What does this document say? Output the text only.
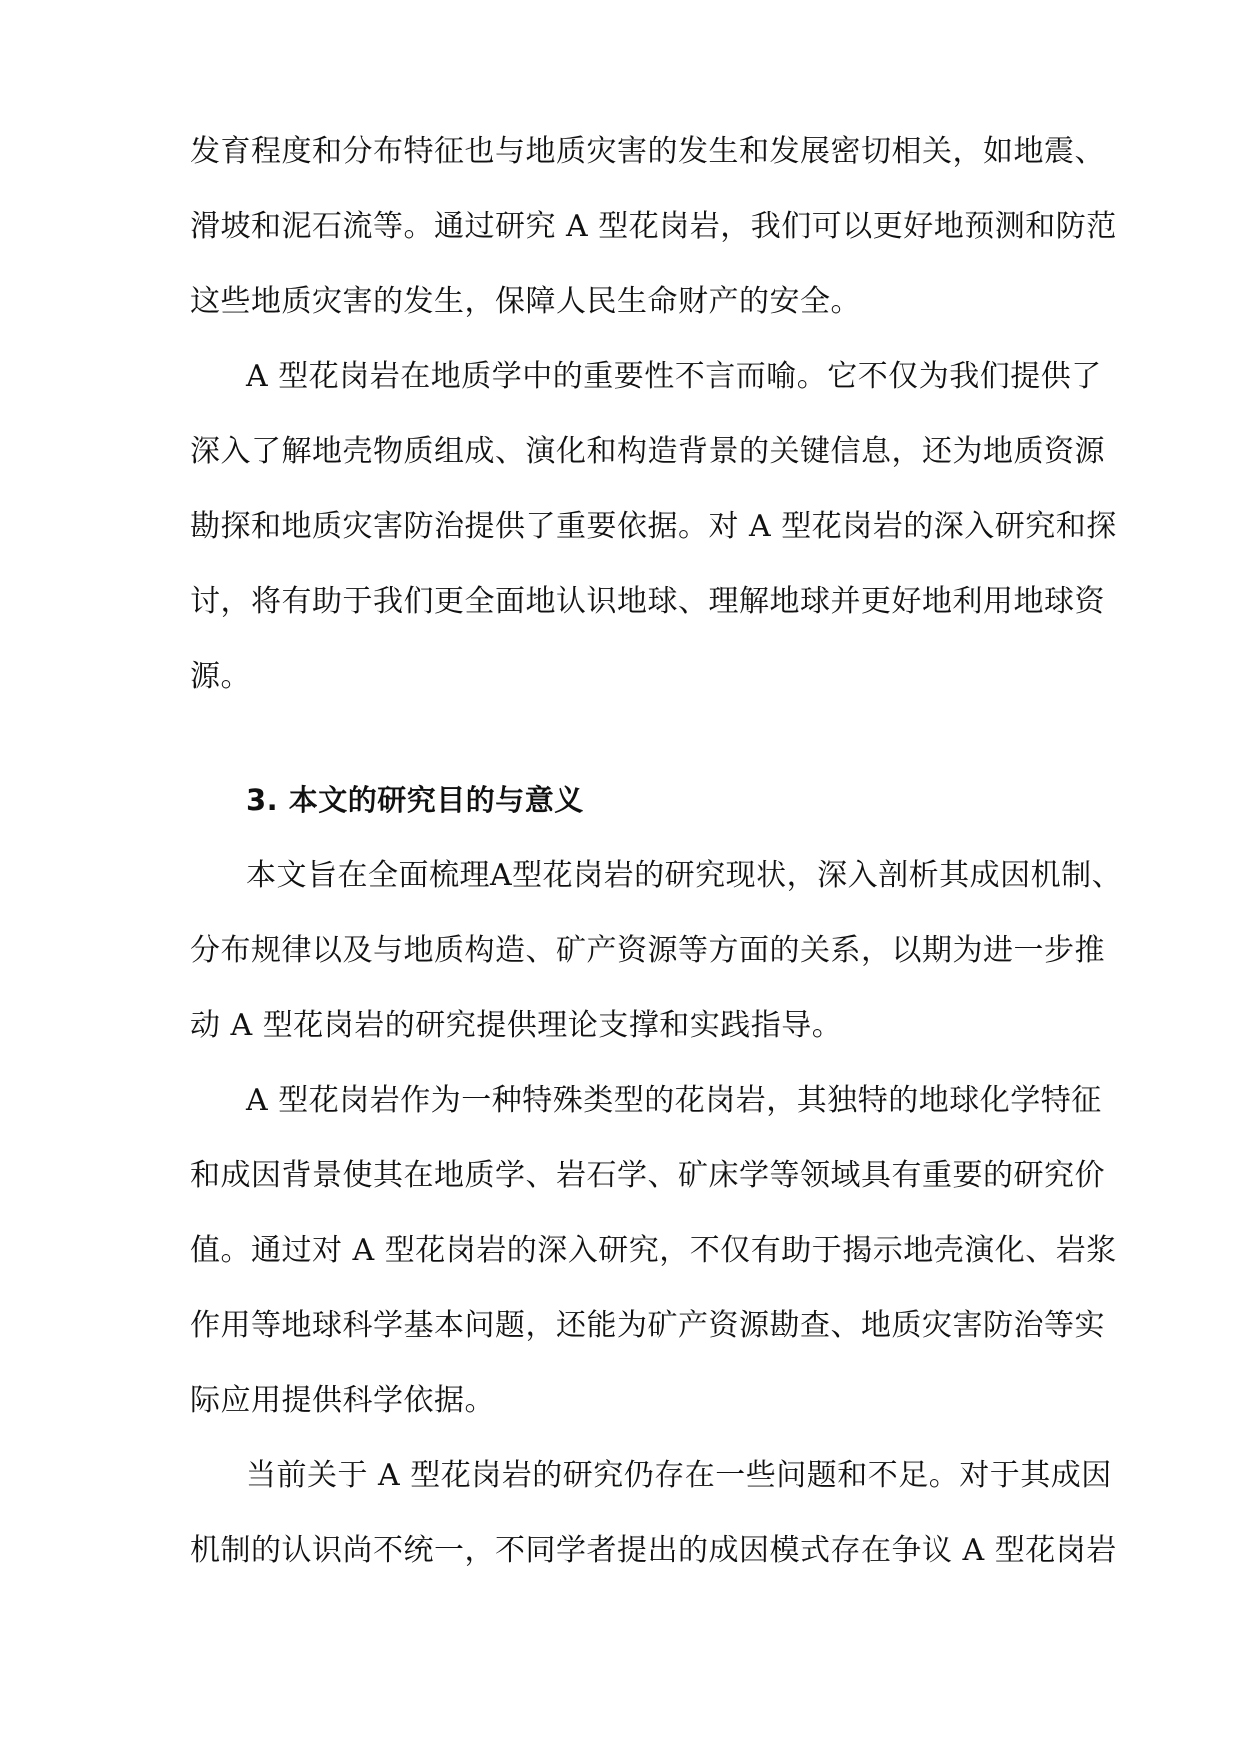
发育程度和分布特征也与地质灾害的发生和发展密切相关，如地震、
滑坡和泥石流等。通过研究 A 型花岗岩，我们可以更好地预测和防范
这些地质灾害的发生，保障人民生命财产的安全。
A 型花岗岩在地质学中的重要性不言而喻。它不仅为我们提供了
深入了解地壳物质组成、演化和构造背景的关键信息，还为地质资源
勘探和地质灾害防治提供了重要依据。对 A 型花岗岩的深入研究和探
讨，将有助于我们更全面地认识地球、理解地球并更好地利用地球资
源。
3. 本文的研究目的与意义
本文旨在全面梳理A型花岗岩的研究现状，深入剖析其成因机制、
分布规律以及与地质构造、矿产资源等方面的关系，以期为进一步推
动 A 型花岗岩的研究提供理论支撑和实践指导。
A 型花岗岩作为一种特殊类型的花岗岩，其独特的地球化学特征
和成因背景使其在地质学、岩石学、矿床学等领域具有重要的研究价
值。通过对 A 型花岗岩的深入研究，不仅有助于揭示地壳演化、岩浆
作用等地球科学基本问题，还能为矿产资源勘查、地质灾害防治等实
际应用提供科学依据。
当前关于 A 型花岗岩的研究仍存在一些问题和不足。对于其成因
机制的认识尚不统一，不同学者提出的成因模式存在争议 A 型花岗岩
